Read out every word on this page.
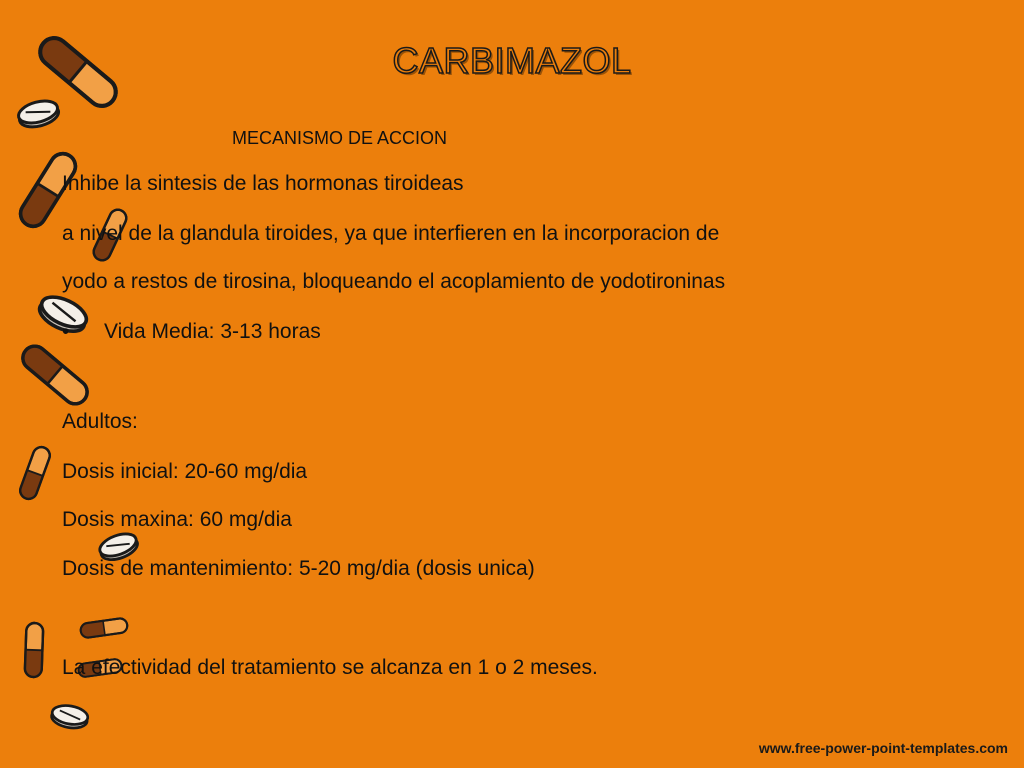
CARBIMAZOL
MECANISMO DE ACCION
Inhibe la sintesis de las hormonas tiroideas
a nivel de la glandula tiroides, ya que interfieren en la incorporacion de
yodo a restos de tirosina, bloqueando el acoplamiento de yodotironinas
• Vida Media: 3-13 horas
Adultos:
Dosis inicial: 20-60 mg/dia
Dosis maxina: 60 mg/dia
Dosis de mantenimiento: 5-20 mg/dia (dosis unica)
La efectividad del tratamiento se alcanza en 1 o 2 meses.
www.free-power-point-templates.com
